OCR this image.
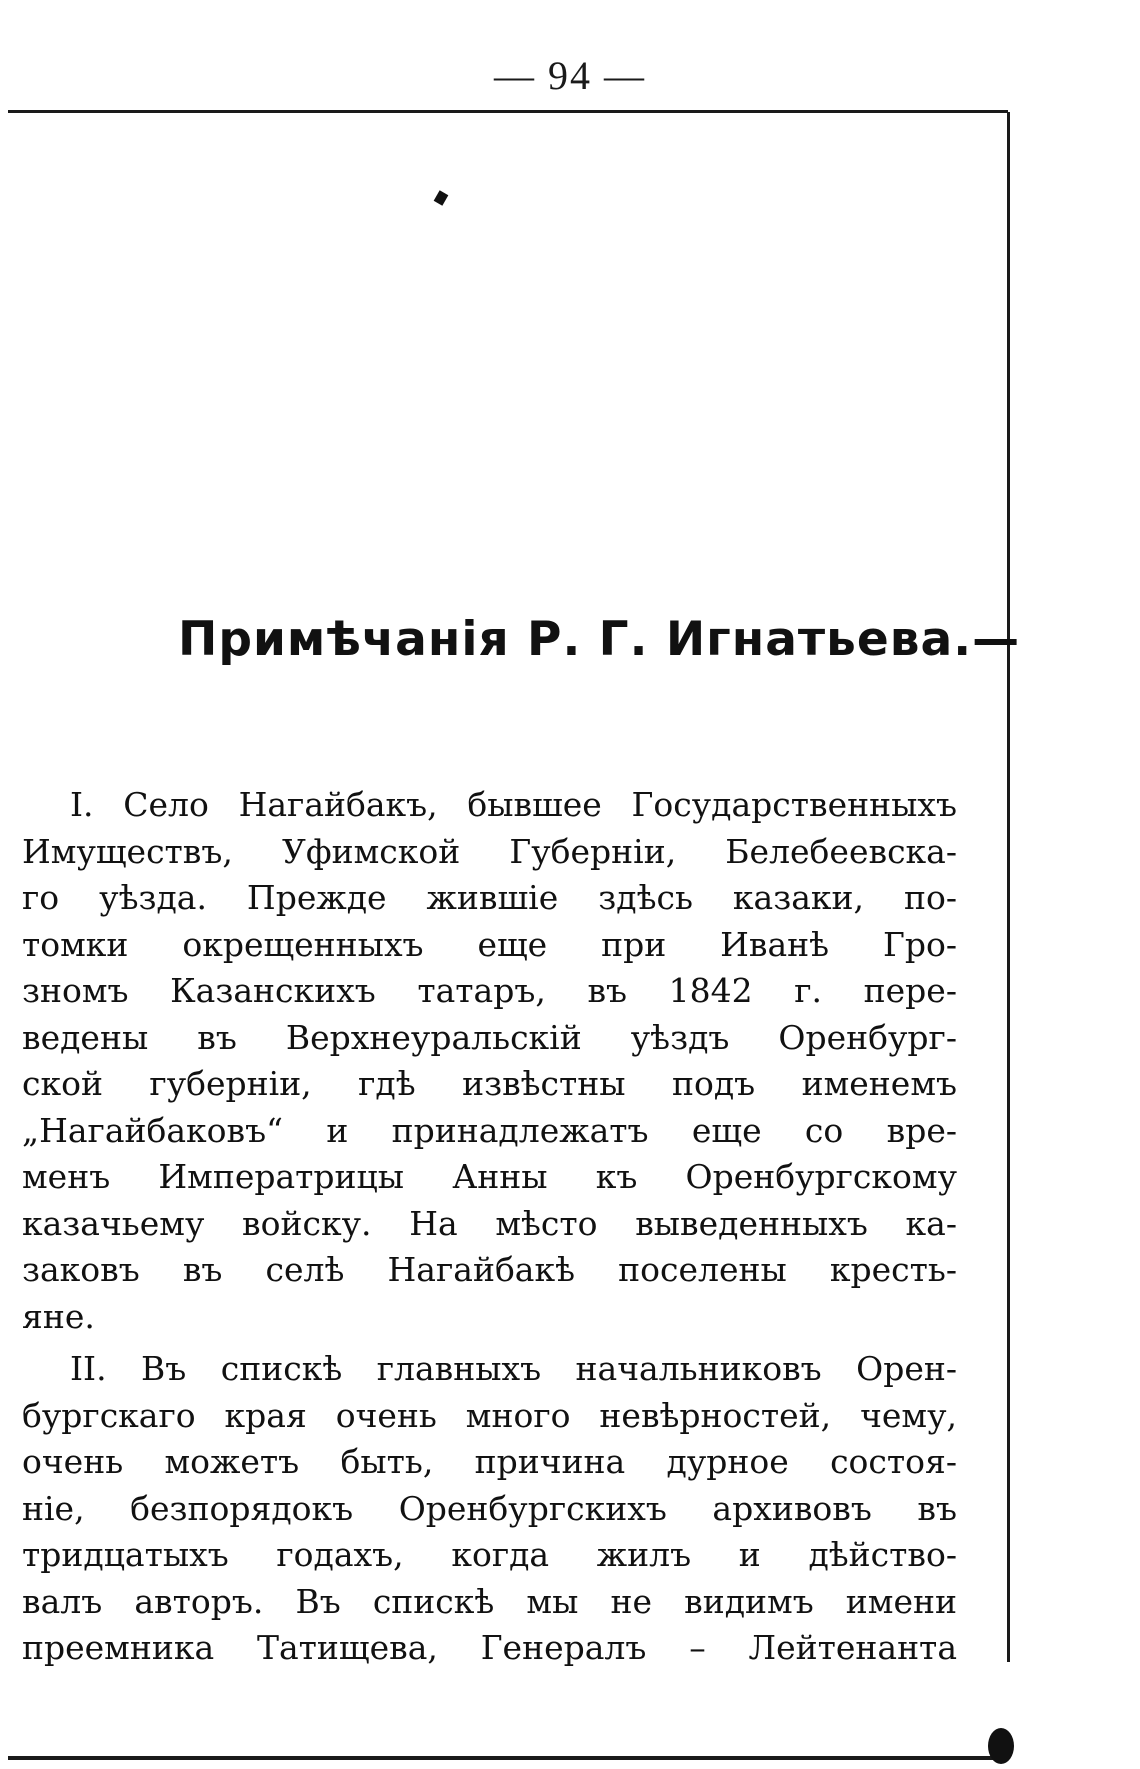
— 94 —
Примѣчанія Р. Г. Игнатьева.—

I. Село Нагайбакъ, бывшее Государственныхъ
Имуществъ, Уфимской Губерніи, Белебеевска-
го уѣзда. Прежде жившіе здѣсь казаки, по-
томки окрещенныхъ еще при Иванѣ Гро-
зномъ Казанскихъ татаръ, въ 1842 г. пере-
ведены въ Верхнеуральскій уѣздъ Оренбург-
ской губерніи, гдѣ извѣстны подъ именемъ
„Нагайбаковъ“ и принадлежатъ еще со вре-
менъ Императрицы Анны къ Оренбургскому
казачьему войску. На мѣсто выведенныхъ ка-
заковъ въ селѣ Нагайбакѣ поселены кресть-
яне.

II. Въ спискѣ главныхъ начальниковъ Орен-
бургскаго края очень много невѣрностей, чему,
очень можетъ быть, причина дурное состоя-
ніе, безпорядокъ Оренбургскихъ архивовъ въ
тридцатыхъ годахъ, когда жилъ и дѣйство-
валъ авторъ. Въ спискѣ мы не видимъ имени
преемника Татищева, Генералъ – Лейтенанта
